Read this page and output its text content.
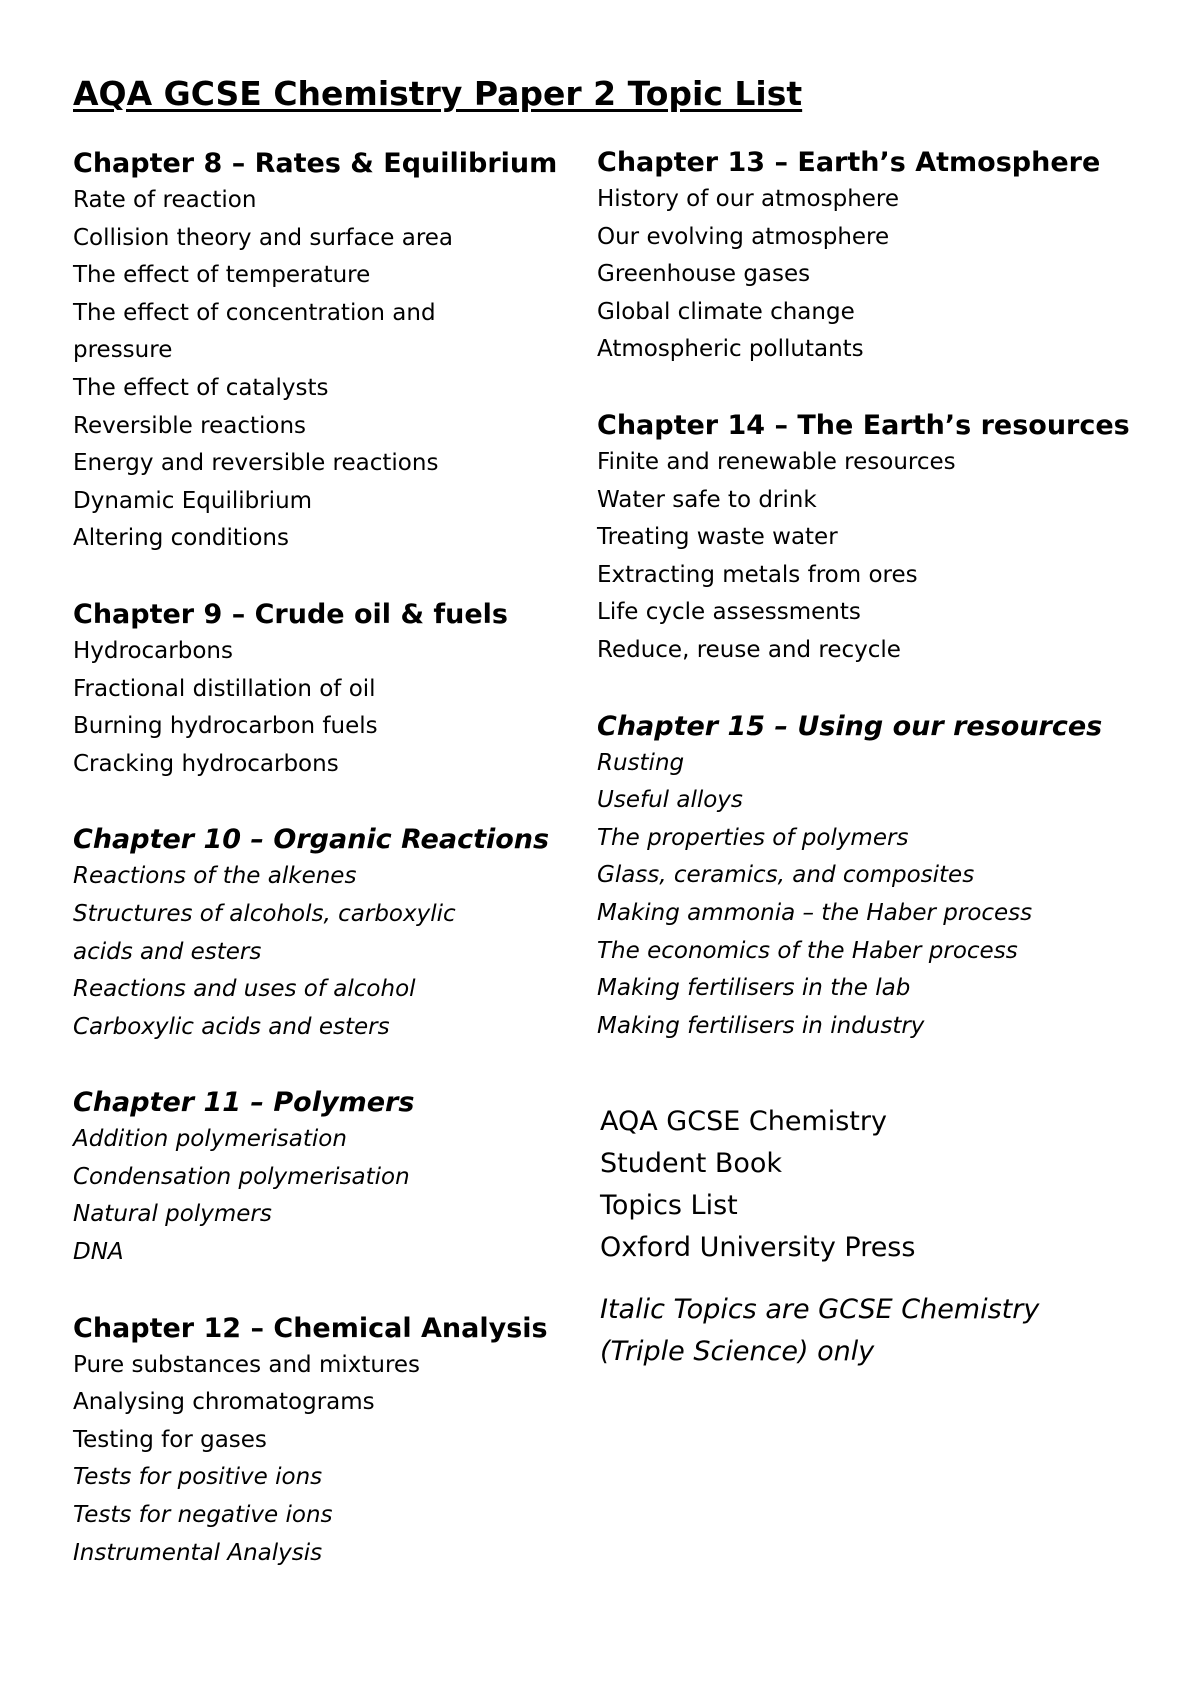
AQA GCSE Chemistry Paper 2 Topic List
Chapter 8 – Rates & Equilibrium
Rate of reaction
Collision theory and surface area
The effect of temperature
The effect of concentration and pressure
The effect of catalysts
Reversible reactions
Energy and reversible reactions
Dynamic Equilibrium
Altering conditions
Chapter 9 – Crude oil & fuels
Hydrocarbons
Fractional distillation of oil
Burning hydrocarbon fuels
Cracking hydrocarbons
Chapter 10 – Organic Reactions
Reactions of the alkenes
Structures of alcohols, carboxylic acids and esters
Reactions and uses of alcohol
Carboxylic acids and esters
Chapter 11 – Polymers
Addition polymerisation
Condensation polymerisation
Natural polymers
DNA
Chapter 12 – Chemical Analysis
Pure substances and mixtures
Analysing chromatograms
Testing for gases
Tests for positive ions
Tests for negative ions
Instrumental Analysis
Chapter 13 – Earth’s Atmosphere
History of our atmosphere
Our evolving atmosphere
Greenhouse gases
Global climate change
Atmospheric pollutants
Chapter 14 – The Earth’s resources
Finite and renewable resources
Water safe to drink
Treating waste water
Extracting metals from ores
Life cycle assessments
Reduce, reuse and recycle
Chapter 15 – Using our resources
Rusting
Useful alloys
The properties of polymers
Glass, ceramics, and composites
Making ammonia – the Haber process
The economics of the Haber process
Making fertilisers in the lab
Making fertilisers in industry
AQA GCSE Chemistry
Student Book
Topics List
Oxford University Press
Italic Topics are GCSE Chemistry (Triple Science) only
